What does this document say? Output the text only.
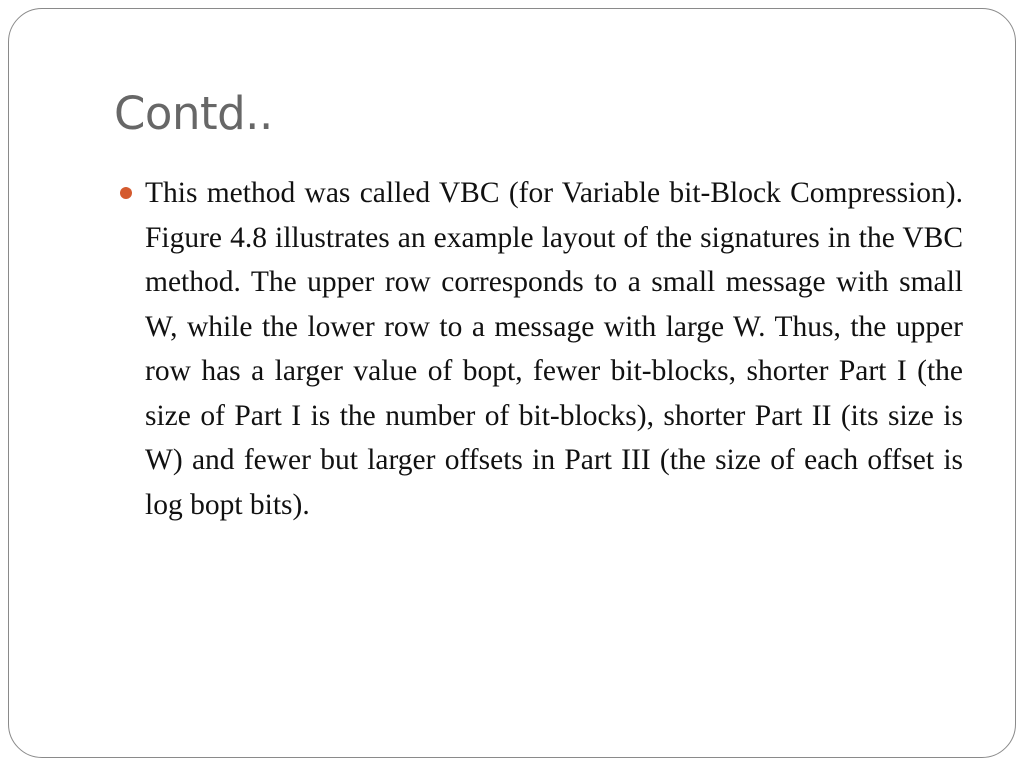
Contd..
This method was called VBC (for Variable bit-Block Compression). Figure 4.8 illustrates an example layout of the signatures in the VBC method. The upper row corresponds to a small message with small W, while the lower row to a message with large W. Thus, the upper row has a larger value of bopt, fewer bit-blocks, shorter Part I (the size of Part I is the number of bit-blocks), shorter Part II (its size is W) and fewer but larger offsets in Part III (the size of each offset is log bopt bits).
